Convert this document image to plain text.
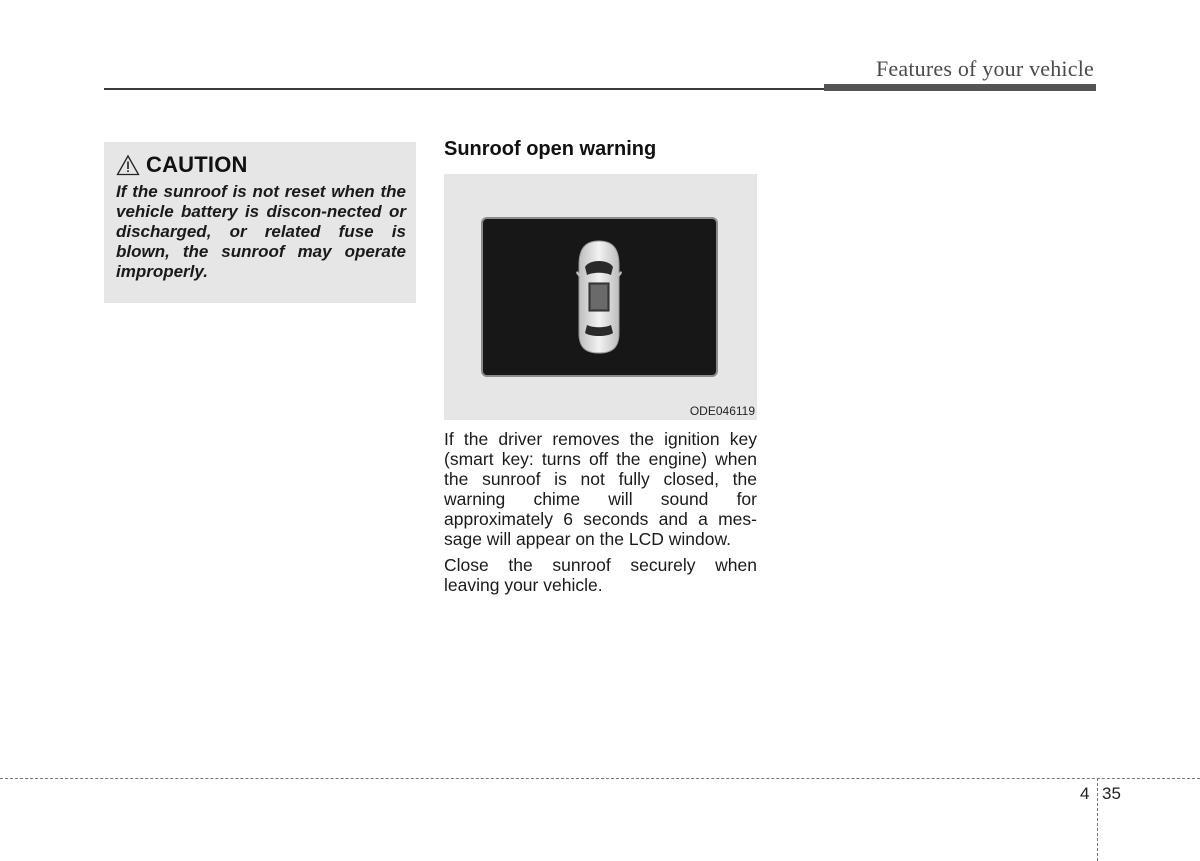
Features of your vehicle
CAUTION

If the sunroof is not reset when the vehicle battery is discon-nected or discharged, or related fuse is blown, the sunroof may operate improperly.

Sunroof open warning
ODE046119

If the driver removes the ignition key (smart key: turns off the engine) when the sunroof is not fully closed, the warning chime will sound for approximately 6 seconds and a mes-sage will appear on the LCD window.

Close the sunroof securely when leaving your vehicle.

4 35
